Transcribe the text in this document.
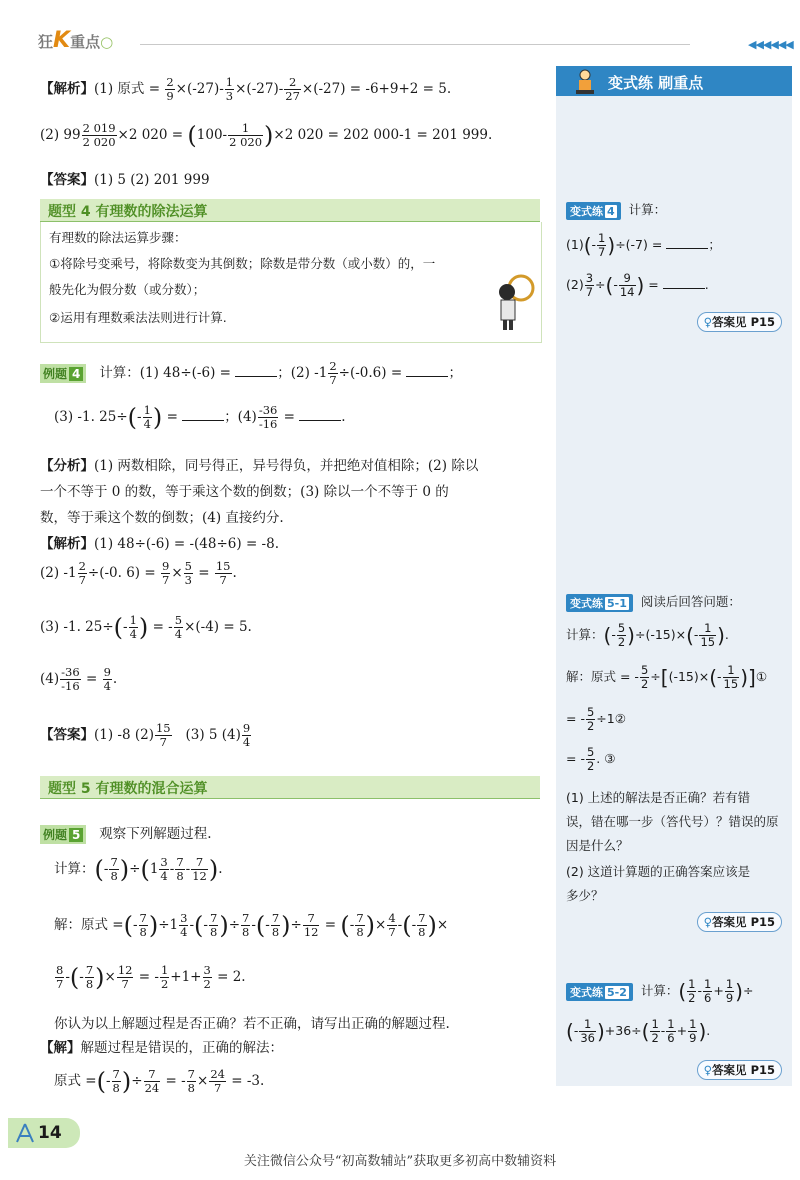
狂K重点○	◀◀◀◀◀◀
【解析】(1) 原式 = $\frac{2}{9} \times(-27)- \frac{1}{3} \times(-27)- \frac{2}{27} \times(-27) = -6+9+2 = 5$.
(2) $99 \frac{2 019}{2 020} \times 2$ $020 = (100- \frac{1}{2 020} )\times 2$ 020 = 202 000-1 = 201 999.
【答案】(1) 5 (2) 201 999
题型 4 有理数的除法运算
有理数的除法运算步骤：
①将除号变乘号，将除数变为其倒数；除数是带分数（或小数）的，一
般先化为假分数（或分数）；
②运用有理数乘法法则进行计算.
例题 4 计算：(1) 48÷(-6) =	；(2) $-1 \frac{2}{7} \div(-0.6)$ =	；
(3) -1. $25\div(- \frac{1}{4}$ ) =	；$(4) \frac{-36}{-16}$ =	.
【分析】(1) 两数相除，同号得正，异号得负，并把绝对值相除；(2) 除以
一个不等于 0 的数，等于乘这个数的倒数；(3) 除以一个不等于 0 的
数，等于乘这个数的倒数；(4) 直接约分.
【解析】(1) 48÷(-6) = -(48÷6) = -8.
(2) $-1 \frac{2}{7} \div(-0$. $6) = \frac{9}{7} \times \frac{5}{3} = \frac{15}{7}$ .
(3) -1. $25\div(- \frac{1}{4}$ ) = - $\frac{5}{4} \times(-4) = 5$.
$(4) \frac{-36}{-16} = \frac{9}{4}$ .
【答案】(1) -8 $(2) \frac{15}{7} (3)$ 5 $(4) \frac{9}{4}$
题型 5 有理数的混合运算
例题 5 观察下列解题过程.
计算：(- $\frac{7}{8} )\div(1 \frac{3}{4} - \frac{7}{8} - \frac{7}{12}$ ).
解：原式 =(- $\frac{7}{8} )\div 1 \frac{3}{4}$ -(- $\frac{7}{8}$ )÷ $\frac{7}{8}$ -(- $\frac{7}{8}$ )÷ $\frac{7}{12}$ = (- $\frac{7}{8}$ )× $\frac{4}{7}$ -(- $\frac{7}{8}$ )×
$\frac{8}{7}$ -(- $\frac{7}{8}$ )× $\frac{12}{7}$ = - $\frac{1}{2} +1+ \frac{3}{2} = 2$.
你认为以上解题过程是否正确？若不正确，请写出正确的解题过程.
【解】解题过程是错误的，正确的解法：
原式 =(- $\frac{7}{8}$ )÷ $\frac{7}{24}$ = - $\frac{7}{8} \times \frac{24}{7} = -3$.
变式练 刷重点
变式练 4 计算：
$(1)(- \frac{1}{7} )\div(-7)$ =	；
$(2) \frac{3}{7}$ ÷(- $\frac{9}{14}$ ) =	.
♀答案见 P15
变式练 5-1 阅读后回答问题：
计算：(- $\frac{5}{2} )\div(-15)\times(- \frac{1}{15}$ ).
解：原式 = - $\frac{5}{2} \div[(-15)\times(- \frac{1}{15}$ )]①
= - $\frac{5}{2}$ ÷1②
= - $\frac{5}{2}$ . ③
(1) 上述的解法是否正确？若有错
误，错在哪一步（答代号）？错误的原
因是什么？
(2) 这道计算题的正确答案应该是
多少？
♀答案见 P15
变式练 5-2 计算：( $\frac{1}{2} - \frac{1}{6} + \frac{1}{9}$ )÷
(- $\frac{1}{36} )+36\div( \frac{1}{2} - \frac{1}{6} + \frac{1}{9}$ ).
♀答案见 P15
14
关注微信公众号“初高数辅站”获取更多初高中数辅资料
